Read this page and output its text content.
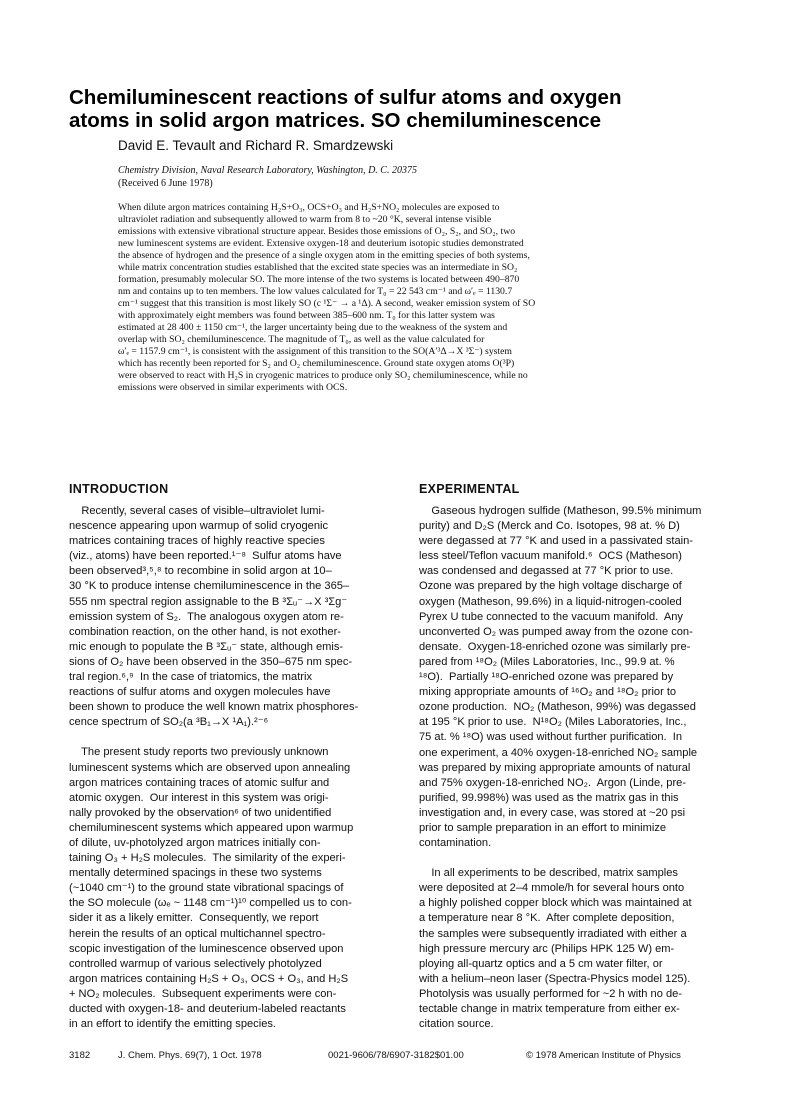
Chemiluminescent reactions of sulfur atoms and oxygen
atoms in solid argon matrices. SO chemiluminescence
David E. Tevault and Richard R. Smardzewski
Chemistry Division, Naval Research Laboratory, Washington, D. C. 20375
(Received 6 June 1978)
When dilute argon matrices containing H₂S+O₃, OCS+O₃ and H₂S+NO₂ molecules are exposed to
ultraviolet radiation and subsequently allowed to warm from 8 to ~20 °K, several intense visible
emissions with extensive vibrational structure appear. Besides those emissions of O₂, S₂, and SO₂, two
new luminescent systems are evident. Extensive oxygen-18 and deuterium isotopic studies demonstrated
the absence of hydrogen and the presence of a single oxygen atom in the emitting species of both systems,
while matrix concentration studies established that the excited state species was an intermediate in SO₂
formation, presumably molecular SO. The more intense of the two systems is located between 490–870
nm and contains up to ten members. The low values calculated for T₀ = 22 543 cm⁻¹ and ω′ₑ = 1130.7
cm⁻¹ suggest that this transition is most likely SO (c ¹Σ⁻ → a ¹Δ). A second, weaker emission system of SO
with approximately eight members was found between 385–600 nm. T₀ for this latter system was
estimated at 28 400 ± 1150 cm⁻¹, the larger uncertainty being due to the weakness of the system and
overlap with SO₂ chemiluminescence. The magnitude of T₀, as well as the value calculated for
ω′ₑ = 1157.9 cm⁻¹, is consistent with the assignment of this transition to the SO(A′³Δ→X ³Σ⁻) system
which has recently been reported for S₂ and O₂ chemiluminescence. Ground state oxygen atoms O(³P)
were observed to react with H₂S in cryogenic matrices to produce only SO₂ chemiluminescence, while no
emissions were observed in similar experiments with OCS.
INTRODUCTION
Recently, several cases of visible–ultraviolet lumi-
nescence appearing upon warmup of solid cryogenic
matrices containing traces of highly reactive species
(viz., atoms) have been reported.¹⁻⁸  Sulfur atoms have
been observed³,⁵,⁸ to recombine in solid argon at 10–
30 °K to produce intense chemiluminescence in the 365–
555 nm spectral region assignable to the B ³Σᵤ⁻→X ³Σg⁻
emission system of S₂.  The analogous oxygen atom re-
combination reaction, on the other hand, is not exother-
mic enough to populate the B ³Σᵤ⁻ state, although emis-
sions of O₂ have been observed in the 350–675 nm spec-
tral region.⁶,⁹  In the case of triatomics, the matrix
reactions of sulfur atoms and oxygen molecules have
been shown to produce the well known matrix phosphores-
cence spectrum of SO₂(a ³B₁→X ¹A₁).²⁻⁶
The present study reports two previously unknown
luminescent systems which are observed upon annealing
argon matrices containing traces of atomic sulfur and
atomic oxygen.  Our interest in this system was origi-
nally provoked by the observation⁶ of two unidentified
chemiluminescent systems which appeared upon warmup
of dilute, uv-photolyzed argon matrices initially con-
taining O₃ + H₂S molecules.  The similarity of the experi-
mentally determined spacings in these two systems
(~1040 cm⁻¹) to the ground state vibrational spacings of
the SO molecule (ωₑ ~ 1148 cm⁻¹)¹⁰ compelled us to con-
sider it as a likely emitter.  Consequently, we report
herein the results of an optical multichannel spectro-
scopic investigation of the luminescence observed upon
controlled warmup of various selectively photolyzed
argon matrices containing H₂S + O₃, OCS + O₃, and H₂S
+ NO₂ molecules.  Subsequent experiments were con-
ducted with oxygen-18- and deuterium-labeled reactants
in an effort to identify the emitting species.
EXPERIMENTAL
Gaseous hydrogen sulfide (Matheson, 99.5% minimum
purity) and D₂S (Merck and Co. Isotopes, 98 at. % D)
were degassed at 77 °K and used in a passivated stain-
less steel/Teflon vacuum manifold.⁶  OCS (Matheson)
was condensed and degassed at 77 °K prior to use.
Ozone was prepared by the high voltage discharge of
oxygen (Matheson, 99.6%) in a liquid-nitrogen-cooled
Pyrex U tube connected to the vacuum manifold.  Any
unconverted O₂ was pumped away from the ozone con-
densate.  Oxygen-18-enriched ozone was similarly pre-
pared from ¹⁸O₂ (Miles Laboratories, Inc., 99.9 at. %
¹⁸O).  Partially ¹⁸O-enriched ozone was prepared by
mixing appropriate amounts of ¹⁶O₂ and ¹⁸O₂ prior to
ozone production.  NO₂ (Matheson, 99%) was degassed
at 195 °K prior to use.  N¹⁸O₂ (Miles Laboratories, Inc.,
75 at. % ¹⁸O) was used without further purification.  In
one experiment, a 40% oxygen-18-enriched NO₂ sample
was prepared by mixing appropriate amounts of natural
and 75% oxygen-18-enriched NO₂.  Argon (Linde, pre-
purified, 99.998%) was used as the matrix gas in this
investigation and, in every case, was stored at ~20 psi
prior to sample preparation in an effort to minimize
contamination.
In all experiments to be described, matrix samples
were deposited at 2–4 mmole/h for several hours onto
a highly polished copper block which was maintained at
a temperature near 8 °K.  After complete deposition,
the samples were subsequently irradiated with either a
high pressure mercury arc (Philips HPK 125 W) em-
ploying all-quartz optics and a 5 cm water filter, or
with a helium–neon laser (Spectra-Physics model 125).
Photolysis was usually performed for ~2 h with no de-
tectable change in matrix temperature from either ex-
citation source.
3182	J. Chem. Phys. 69(7), 1 Oct. 1978	0021-9606/78/6907-3182$01.00	© 1978 American Institute of Physics
